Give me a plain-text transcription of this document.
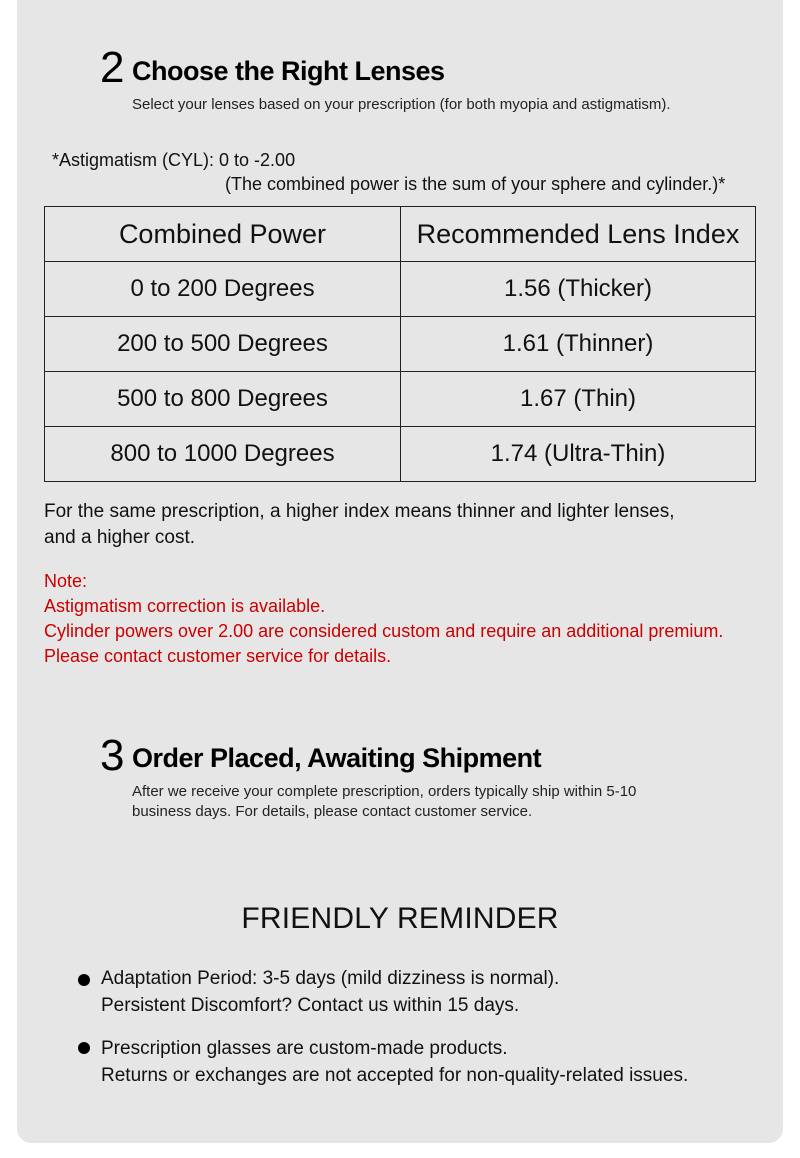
2 Choose the Right Lenses
Select your lenses based on your prescription (for both myopia and astigmatism).
*Astigmatism (CYL): 0 to -2.00
(The combined power is the sum of your sphere and cylinder.)*
Combined Power	Recommended Lens Index
0 to 200 Degrees	1.56 (Thicker)
200 to 500 Degrees	1.61 (Thinner)
500 to 800 Degrees	1.67 (Thin)
800 to 1000 Degrees	1.74 (Ultra-Thin)
For the same prescription, a higher index means thinner and lighter lenses,
and a higher cost.
Note:
Astigmatism correction is available.
Cylinder powers over 2.00 are considered custom and require an additional premium.
Please contact customer service for details.
3 Order Placed, Awaiting Shipment
After we receive your complete prescription, orders typically ship within 5-10
business days. For details, please contact customer service.
FRIENDLY REMINDER
Adaptation Period: 3-5 days (mild dizziness is normal).
Persistent Discomfort? Contact us within 15 days.
Prescription glasses are custom-made products.
Returns or exchanges are not accepted for non-quality-related issues.
